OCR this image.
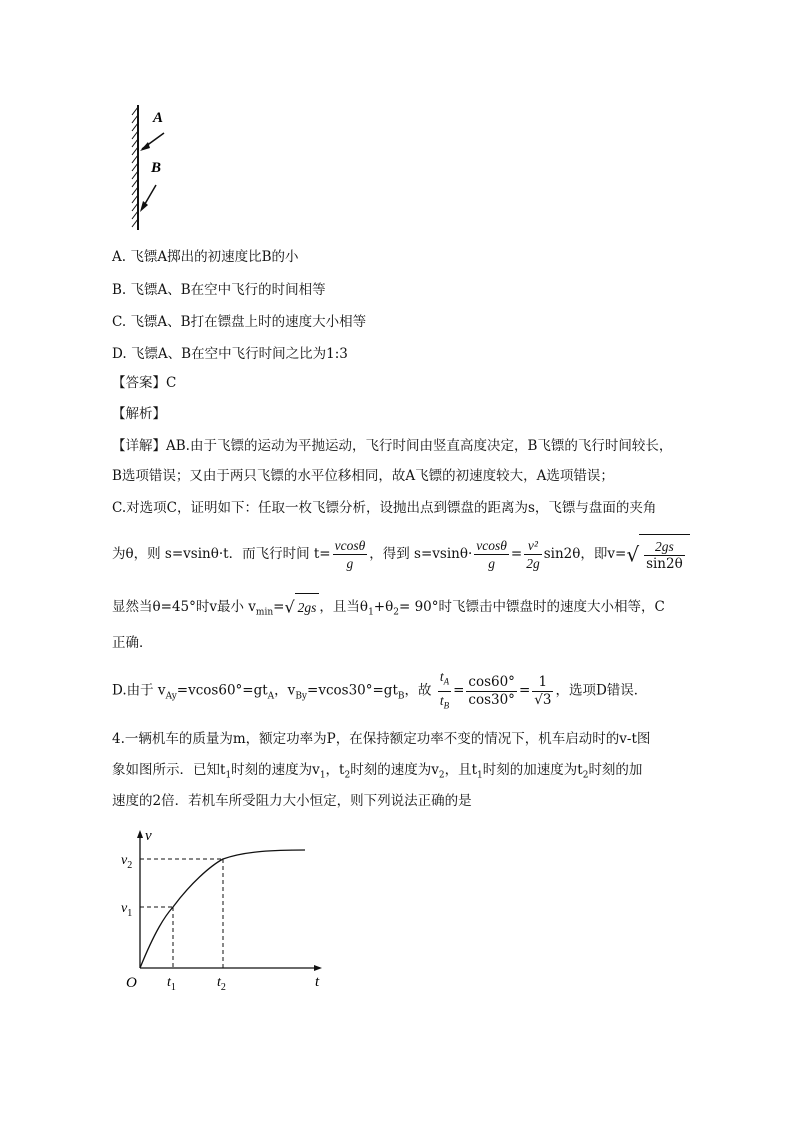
A
B
A. 飞镖A掷出的初速度比B的小
B. 飞镖A、B在空中飞行的时间相等
C. 飞镖A、B打在镖盘上时的速度大小相等
D. 飞镖A、B在空中飞行时间之比为1:3
【答案】C
【解析】
【详解】AB.由于飞镖的运动为平抛运动，飞行时间由竖直高度决定，B飞镖的飞行时间较长，
B选项错误；又由于两只飞镖的水平位移相同，故A飞镖的初速度较大，A选项错误；
C.对选项C，证明如下：任取一枚飞镖分析，设抛出点到镖盘的距离为s，飞镖与盘面的夹角
为θ，则 s=vsinθ·t．而飞行时间 $t= \frac{vcos\theta}{g}$ ，得到 $s=vsin\theta\cdot \frac{vcos\theta}{g} = \frac{\text{v²}}{2g} \sin 2\theta$，即$v=√ \frac{2gs}{\sin 2\theta}$
显然当θ=45°时v最小 $v_{min}=√$ 2gs ，且当$\theta_1+\theta_2= 90^\circ$时飞镖击中镖盘时的速度大小相等，C
正确．
D.由于 $v_{Ay}=vcos60^\circ=gt_A$，$v_{By}=vcos30^\circ=gt_B$，故 $\frac{t_A}{t_B} = \frac{\cos 60^\circ}{\cos 30^\circ} = \frac{1}{√3}$ ，选项D错误．
4.一辆机车的质量为m，额定功率为P，在保持额定功率不变的情况下，机车启动时的v-t图
象如图所示．已知$t_1$时刻的速度为$v_1$，$t_2$时刻的速度为$v_2$，且$t_1$时刻的加速度为$t_2$时刻的加
速度的2倍．若机车所受阻力大小恒定，则下列说法正确的是
v
t
O
$v_2$
$v_1$
$t_1$	$t_2$
